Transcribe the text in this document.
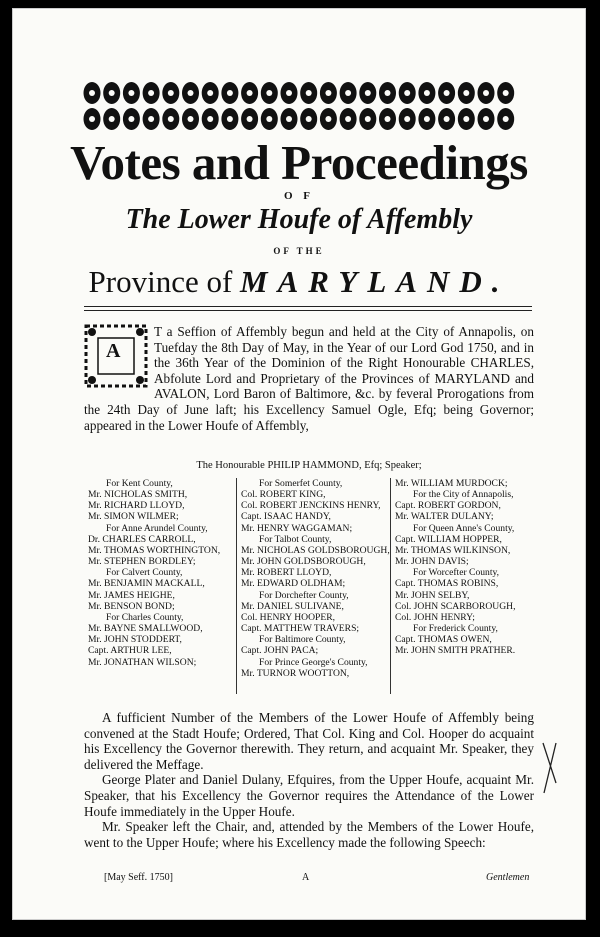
Votes and Proceedings
O F
The Lower Houfe of Affembly
OF THE
Province of MARYLAND.
A
T a Seffion of Affembly begun and held at the City of Annapolis, on Tuefday the 8th Day of May, in the Year of our Lord God 1750, and in the 36th Year of the Dominion of the Right Honourable CHARLES, Abfolute Lord and Proprietary of the Provinces of MARYLAND and AVALON, Lord Baron of Baltimore, &c. by feveral Prorogations from the 24th Day of June laft; his Excellency Samuel Ogle, Efq; being Governor; appeared in the Lower Houfe of Affembly,
The Honourable PHILIP HAMMOND, Efq; Speaker;
For Kent County,
Mr. NICHOLAS SMITH,
Mr. RICHARD LLOYD,
Mr. SIMON WILMER;
For Anne Arundel County,
Dr. CHARLES CARROLL,
Mr. THOMAS WORTHINGTON,
Mr. STEPHEN BORDLEY;
For Calvert County,
Mr. BENJAMIN MACKALL,
Mr. JAMES HEIGHE,
Mr. BENSON BOND;
For Charles County,
Mr. BAYNE SMALLWOOD,
Mr. JOHN STODDERT,
Capt. ARTHUR LEE,
Mr. JONATHAN WILSON;
For Somerfet County,
Col. ROBERT KING,
Col. ROBERT JENCKINS HENRY,
Capt. ISAAC HANDY,
Mr. HENRY WAGGAMAN;
For Talbot County,
Mr. NICHOLAS GOLDSBOROUGH,
Mr. JOHN GOLDSBOROUGH,
Mr. ROBERT LLOYD,
Mr. EDWARD OLDHAM;
For Dorchefter County,
Mr. DANIEL SULIVANE,
Col. HENRY HOOPER,
Capt. MATTHEW TRAVERS;
For Baltimore County,
Capt. JOHN PACA;
For Prince George's County,
Mr. TURNOR WOOTTON,
Mr. WILLIAM MURDOCK;
For the City of Annapolis,
Capt. ROBERT GORDON,
Mr. WALTER DULANY;
For Queen Anne's County,
Capt. WILLIAM HOPPER,
Mr. THOMAS WILKINSON,
Mr. JOHN DAVIS;
For Worcefter County,
Capt. THOMAS ROBINS,
Mr. JOHN SELBY,
Col. JOHN SCARBOROUGH,
Col. JOHN HENRY;
For Frederick County,
Capt. THOMAS OWEN,
Mr. JOHN SMITH PRATHER.

A fufficient Number of the Members of the Lower Houfe of Affembly being convened at the Stadt Houfe; Ordered, That Col. King and Col. Hooper do acquaint his Excellency the Governor therewith. They return, and acquaint Mr. Speaker, they delivered the Meffage.

George Plater and Daniel Dulany, Efquires, from the Upper Houfe, acquaint Mr. Speaker, that his Excellency the Governor requires the Attendance of the Lower Houfe immediately in the Upper Houfe.

Mr. Speaker left the Chair, and, attended by the Members of the Lower Houfe, went to the Upper Houfe; where his Excellency made the following Speech:

[May Seff. 1750]	A	Gentlemen
